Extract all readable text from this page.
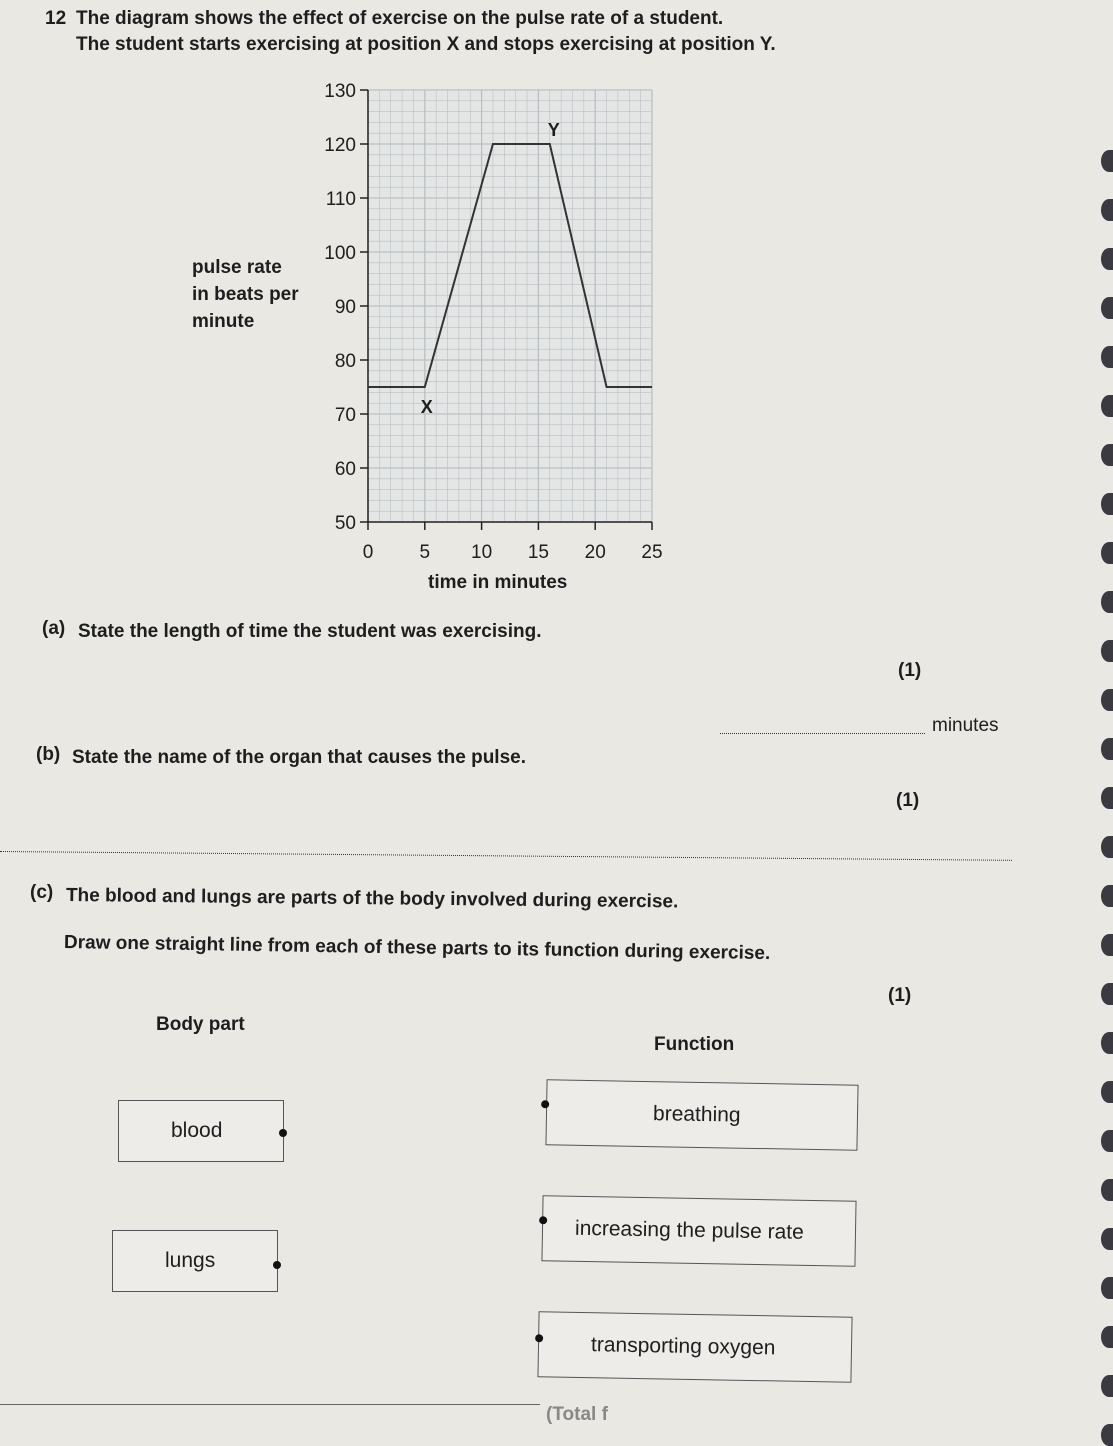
12 The diagram shows the effect of exercise on the pulse rate of a student.
The student starts exercising at position X and stops exercising at position Y.
50
60
70
80
90
100
110
120
130
0 5 10 15 20 25
X
Y
pulse rate
in beats per
minute
time in minutes
(a) State the length of time the student was exercising.
(1)
minutes
(b) State the name of the organ that causes the pulse.
(1)
(c) The blood and lungs are parts of the body involved during exercise.
Draw one straight line from each of these parts to its function during exercise.
(1)
Body part
Function
blood
lungs
breathing
increasing the pulse rate
transporting oxygen
(Total f
